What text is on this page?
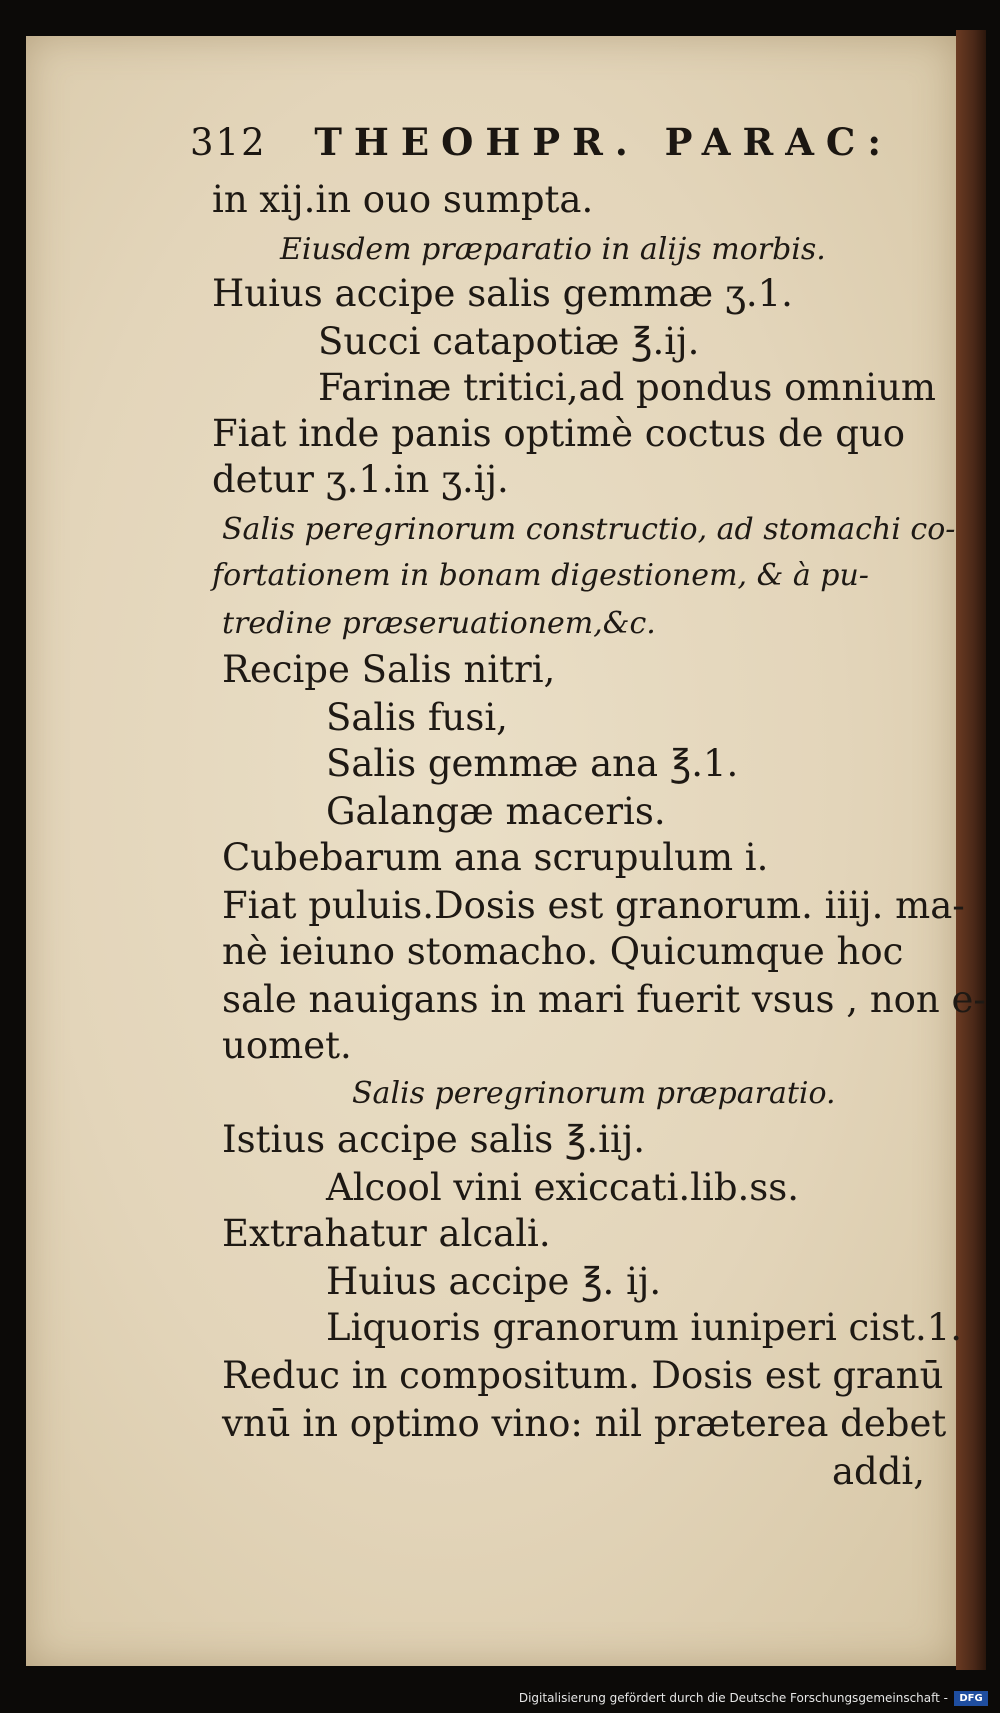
312 THEOHPR. PARAC:
in xij.in ouo sumpta.
Eiusdem præparatio in alijs morbis.
Huius accipe salis gemmæ ʒ.1.
Succi catapotiæ ℥.ij.
Farinæ tritici,ad pondus omnium
Fiat inde panis optimè coctus de quo
detur ʒ.1.in ʒ.ij.
Salis peregrinorum constructio, ad stomachi co-
fortationem in bonam digestionem, & à pu-
tredine præseruationem,&c.
Recipe Salis nitri,
Salis fusi,
Salis gemmæ ana ℥.1.
Galangæ maceris.
Cubebarum ana scrupulum i.
Fiat puluis.Dosis est granorum. iiij. ma-
nè ieiuno stomacho. Quicumque hoc
sale nauigans in mari fuerit vsus , non e-
uomet.
Salis peregrinorum præparatio.
Istius accipe salis ℥.iij.
Alcool vini exiccati.lib.ss.
Extrahatur alcali.
Huius accipe ℥. ij.
Liquoris granorum iuniperi cist.1.
Reduc in compositum. Dosis est granū
vnū in optimo vino: nil præterea debet
addi,
Digitalisierung gefördert durch die Deutsche Forschungsgemeinschaft -	DFG
